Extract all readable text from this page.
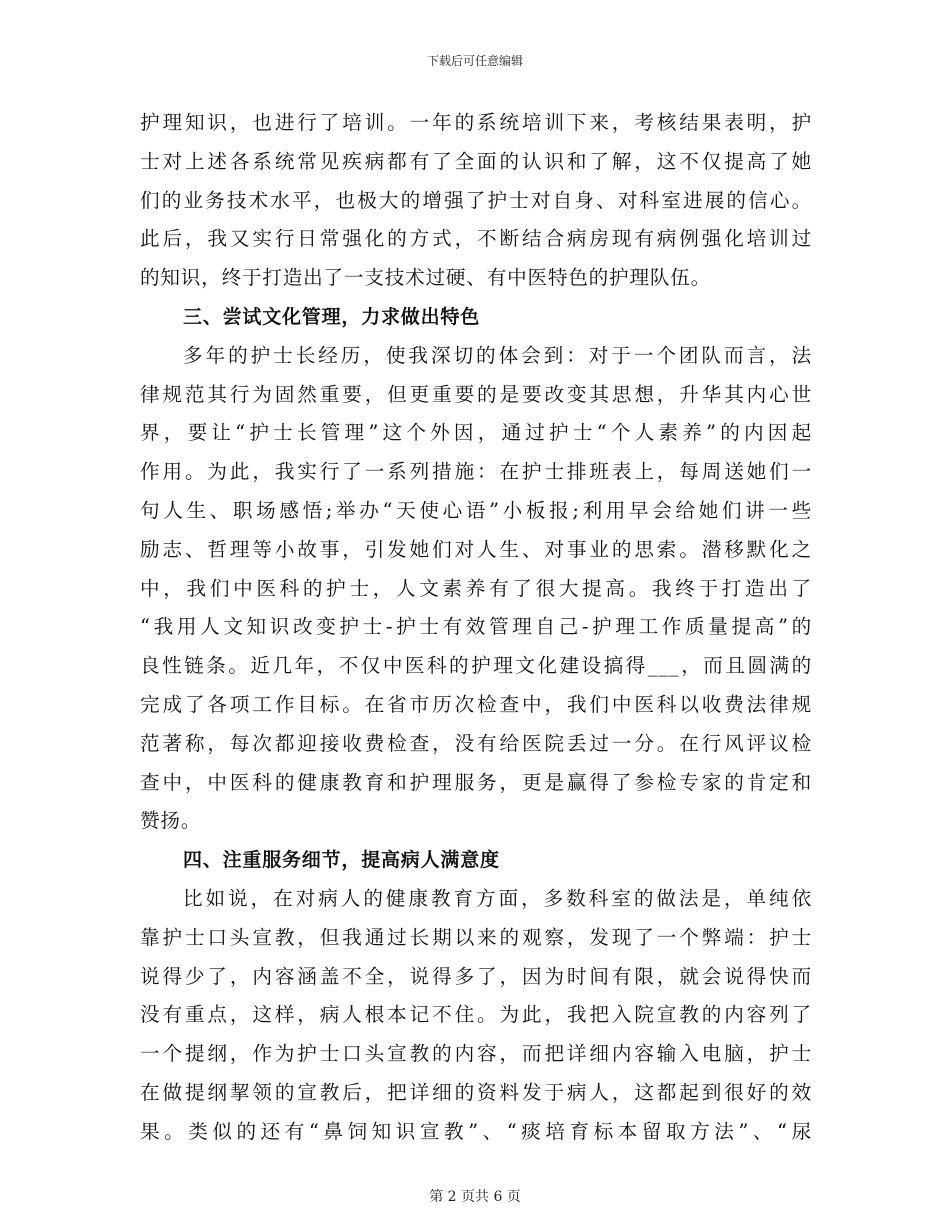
下载后可任意编辑
护理知识，也进行了培训。一年的系统培训下来，考核结果表明，护
士对上述各系统常见疾病都有了全面的认识和了解，这不仅提高了她
们的业务技术水平，也极大的增强了护士对自身、对科室进展的信心。
此后，我又实行日常强化的方式，不断结合病房现有病例强化培训过
的知识，终于打造出了一支技术过硬、有中医特色的护理队伍。
三、尝试文化管理，力求做出特色
多年的护士长经历，使我深切的体会到：对于一个团队而言，法
律规范其行为固然重要，但更重要的是要改变其思想，升华其内心世
界，要让“护士长管理”这个外因，通过护士“个人素养”的内因起
作用。为此，我实行了一系列措施：在护士排班表上，每周送她们一
句人生、职场感悟;举办“天使心语”小板报;利用早会给她们讲一些
励志、哲理等小故事，引发她们对人生、对事业的思索。潜移默化之
中，我们中医科的护士，人文素养有了很大提高。我终于打造出了
“我用人文知识改变护士-护士有效管理自己-护理工作质量提高”的
良性链条。近几年，不仅中医科的护理文化建设搞得___，而且圆满的
完成了各项工作目标。在省市历次检查中，我们中医科以收费法律规
范著称，每次都迎接收费检查，没有给医院丢过一分。在行风评议检
查中，中医科的健康教育和护理服务，更是赢得了参检专家的肯定和
赞扬。
四、注重服务细节，提高病人满意度
比如说，在对病人的健康教育方面，多数科室的做法是，单纯依
靠护士口头宣教，但我通过长期以来的观察，发现了一个弊端：护士
说得少了，内容涵盖不全，说得多了，因为时间有限，就会说得快而
没有重点，这样，病人根本记不住。为此，我把入院宣教的内容列了
一个提纲，作为护士口头宣教的内容，而把详细内容输入电脑，护士
在做提纲挈领的宣教后，把详细的资料发于病人，这都起到很好的效
果。类似的还有“鼻饲知识宣教”、“痰培育标本留取方法”、“尿
第 2 页共 6 页
